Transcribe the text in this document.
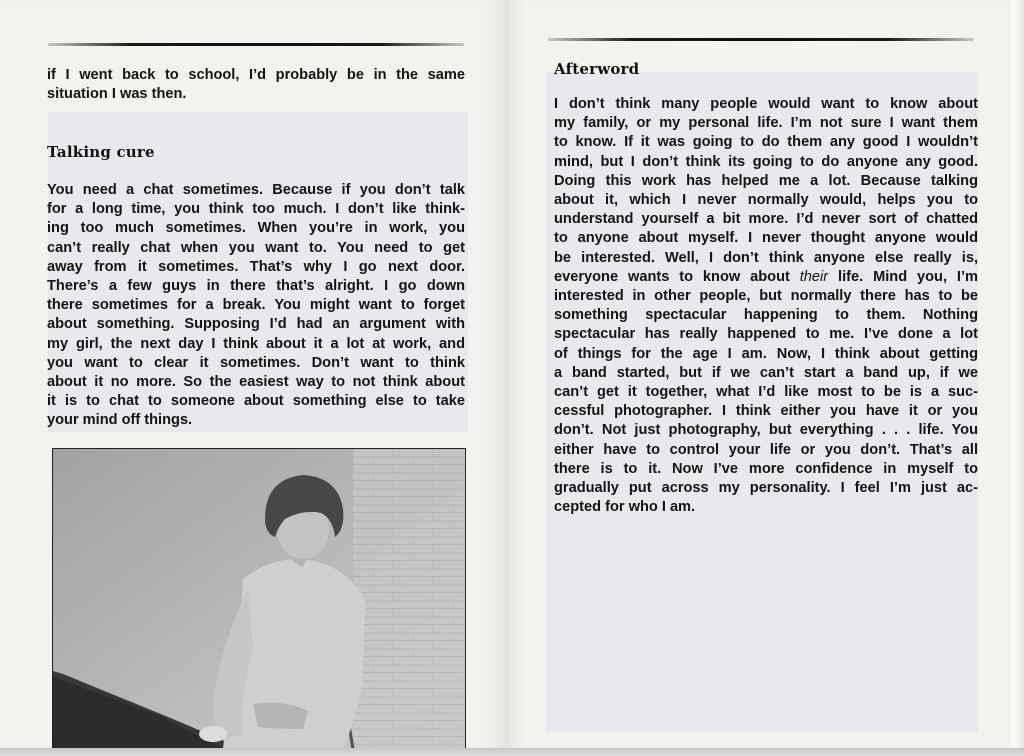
if I went back to school, I’d probably be in the same
situation I was then.
Talking cure
You need a chat sometimes. Because if you don’t talk
for a long time, you think too much. I don’t like think-
ing too much sometimes. When you’re in work, you
can’t really chat when you want to. You need to get
away from it sometimes. That’s why I go next door.
There’s a few guys in there that’s alright. I go down
there sometimes for a break. You might want to forget
about something. Supposing I’d had an argument with
my girl, the next day I think about it a lot at work, and
you want to clear it sometimes. Don’t want to think
about it no more. So the easiest way to not think about
it is to chat to someone about something else to take
your mind off things.
Afterword
I don’t think many people would want to know about
my family, or my personal life. I’m not sure I want them
to know. If it was going to do them any good I wouldn’t
mind, but I don’t think its going to do anyone any good.
Doing this work has helped me a lot. Because talking
about it, which I never normally would, helps you to
understand yourself a bit more. I’d never sort of chatted
to anyone about myself. I never thought anyone would
be interested. Well, I don’t think anyone else really is,
everyone wants to know about their life. Mind you, I’m
interested in other people, but normally there has to be
something spectacular happening to them. Nothing
spectacular has really happened to me. I’ve done a lot
of things for the age I am. Now, I think about getting
a band started, but if we can’t start a band up, if we
can’t get it together, what I’d like most to be is a suc-
cessful photographer. I think either you have it or you
don’t. Not just photography, but everything . . . life. You
either have to control your life or you don’t. That’s all
there is to it. Now I’ve more confidence in myself to
gradually put across my personality. I feel I’m just ac-
cepted for who I am.
